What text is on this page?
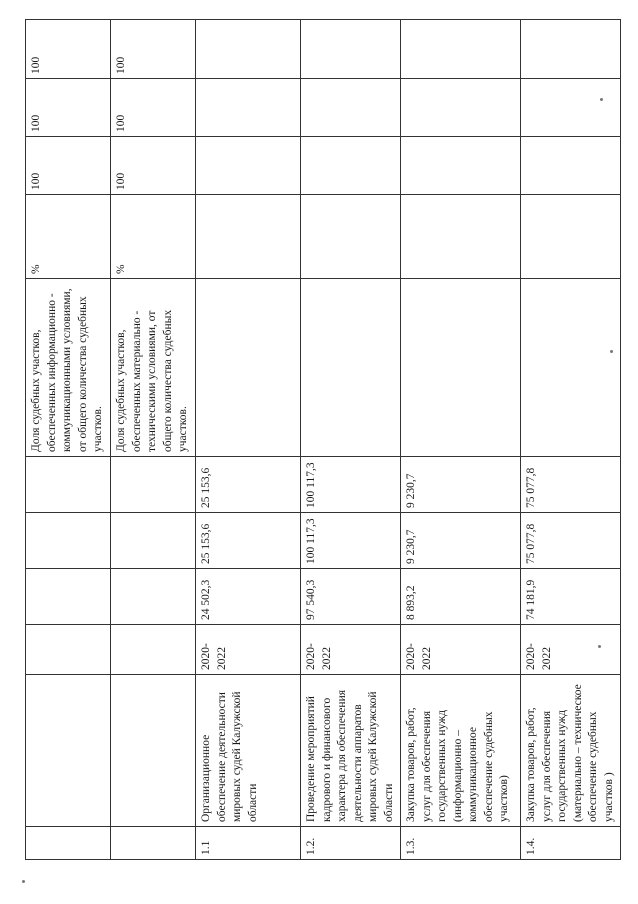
						Доля судебных участков, обеспеченных информационно - коммуникационными условиями, от общего количества судебных участков.	%	100	100	100
						Доля судебных участков, обеспеченных материально - техническими условиями, от общего количества судебных участков.	%	100	100	100
1.1	Организационное обеспечение деятельности мировых судей Калужской области	2020-2022	24 502,3	25 153,6	25 153,6					
1.2.	Проведение мероприятий кадрового и финансового характера для обеспечения деятельности аппаратов мировых судей Калужской области	2020-2022	97 540,3	100 117,3	100 117,3					
1.3.	Закупка товаров, работ, услуг для обеспечения государственных нужд (информационно – коммуникационное обеспечение судебных участков)	2020-2022	8 893,2	9 230,7	9 230,7					
1.4.	Закупка товаров, работ, услуг для обеспечения государственных нужд (материально – техническое обеспечение судебных участков )	2020-2022	74 181,9	75 077,8	75 077,8					
